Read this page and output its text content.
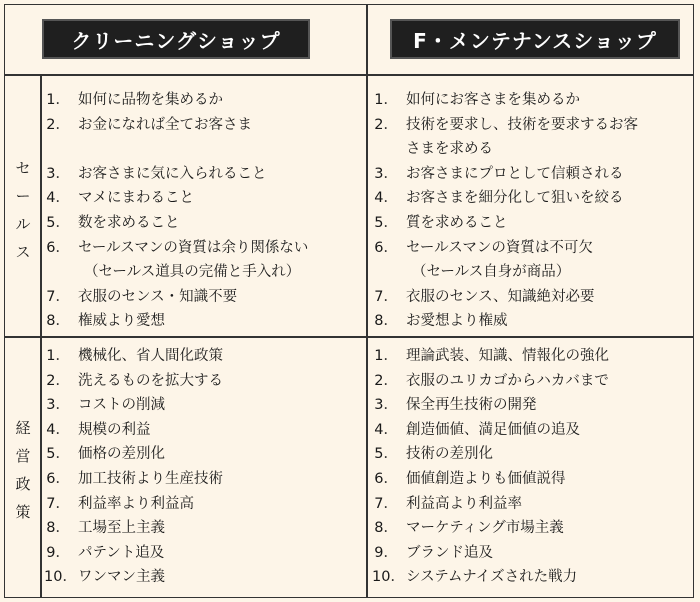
クリーニングショップ	F・メンテナンスショップ
セ
ー
ル
ス
経
営
政
策
1． 如何に品物を集めるか
2． お金になれば全てお客さま
3． お客さまに気に入られること
4． マメにまわること
5． 数を求めること
6． セールスマンの資質は余り関係ない
（セールス道具の完備と手入れ）
7． 衣服のセンス・知識不要
8． 権威より愛想
1． 如何にお客さまを集めるか
2． 技術を要求し、技術を要求するお客
さまを求める
3． お客さまにプロとして信頼される
4． お客さまを細分化して狙いを絞る
5． 質を求めること
6． セールスマンの資質は不可欠
（セールス自身が商品）
7． 衣服のセンス、知識絶対必要
8． お愛想より権威
1． 機械化、省人間化政策
2． 洗えるものを拡大する
3． コストの削減
4． 規模の利益
5． 価格の差別化
6． 加工技術より生産技術
7． 利益率より利益高
8． 工場至上主義
9． パテント追及
10． ワンマン主義
1． 理論武装、知識、情報化の強化
2． 衣服のユリカゴからハカバまで
3． 保全再生技術の開発
4． 創造価値、満足価値の追及
5． 技術の差別化
6． 価値創造よりも価値説得
7． 利益高より利益率
8． マーケティング市場主義
9． ブランド追及
10． システムナイズされた戦力
